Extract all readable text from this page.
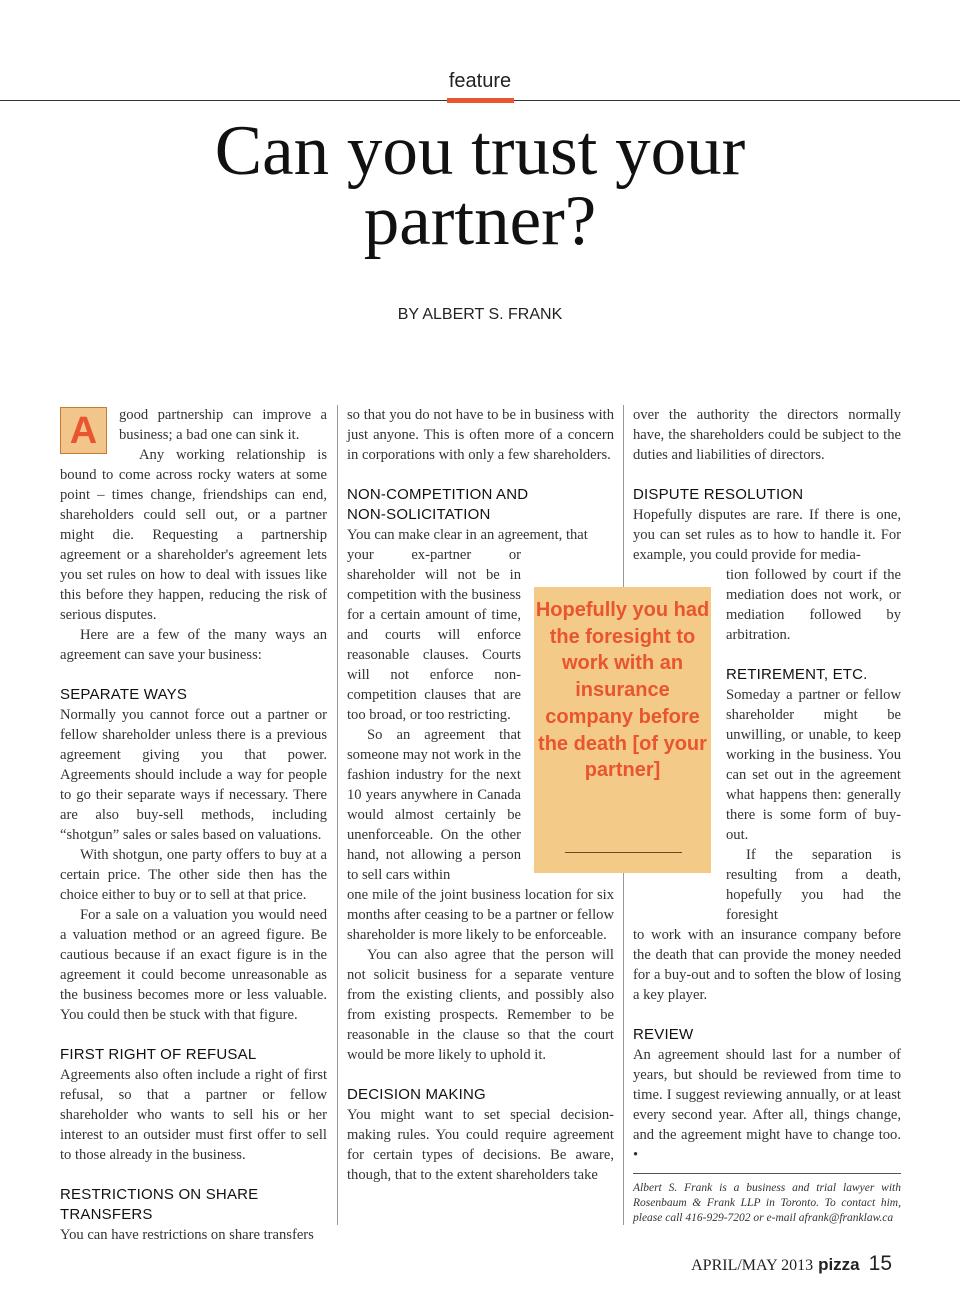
feature
Can you trust your
partner?
BY ALBERT S. FRANK

A	good partnership can improve a business; a bad one can sink it.

Any working relationship is bound to come across rocky waters at some point – times change, friendships can end, shareholders could sell out, or a partner might die. Requesting a partnership agreement or a shareholder's agreement lets you set rules on how to deal with issues like this before they happen, reducing the risk of serious disputes.

Here are a few of the many ways an agreement can save your business:

SEPARATE WAYS

Normally you cannot force out a partner or fellow shareholder unless there is a previous agreement giving you that power. Agreements should include a way for people to go their separate ways if necessary. There are also buy-sell methods, including “shotgun” sales or sales based on valuations.

With shotgun, one party offers to buy at a certain price. The other side then has the choice either to buy or to sell at that price.

For a sale on a valuation you would need a valuation method or an agreed figure. Be cautious because if an exact figure is in the agreement it could become unreasonable as the business becomes more or less valuable. You could then be stuck with that figure.

FIRST RIGHT OF REFUSAL

Agreements also often include a right of first refusal, so that a partner or fellow shareholder who wants to sell his or her interest to an outsider must first offer to sell to those already in the business.

RESTRICTIONS ON SHARE TRANSFERS

You can have restrictions on share transfers

so that you do not have to be in business with just anyone. This is often more of a concern in corporations with only a few shareholders.

NON-COMPETITION AND
NON-SOLICITATION

You can make clear in an agreement, that

your ex-partner or shareholder will not be in competition with the business for a certain amount of time, and courts will enforce reasonable clauses. Courts will not enforce non-competition clauses that are too broad, or too restricting.

So an agreement that someone may not work in the fashion industry for the next 10 years anywhere in Canada would almost certainly be unenforceable. On the other hand, not allowing a person to sell cars within

one mile of the joint business location for six months after ceasing to be a partner or fellow shareholder is more likely to be enforceable.

You can also agree that the person will not solicit business for a separate venture from the existing clients, and possibly also from existing prospects. Remember to be reasonable in the clause so that the court would be more likely to uphold it.

DECISION MAKING

You might want to set special decision-making rules. You could require agreement for certain types of decisions. Be aware, though, that to the extent shareholders take

Hopefully you had the foresight to work with an insurance company before the death [of your partner]

over the authority the directors normally have, the shareholders could be subject to the duties and liabilities of directors.

DISPUTE RESOLUTION

Hopefully disputes are rare. If there is one, you can set rules as to how to handle it. For example, you could provide for media-

tion followed by court if the mediation does not work, or mediation followed by arbitration.

RETIREMENT, ETC.

Someday a partner or fellow shareholder might be unwilling, or unable, to keep working in the business. You can set out in the agreement what happens then: generally there is some form of buy-out.

If the separation is resulting from a death, hopefully you had the foresight

to work with an insurance company before the death that can provide the money needed for a buy-out and to soften the blow of losing a key player.

REVIEW

An agreement should last for a number of years, but should be reviewed from time to time. I suggest reviewing annually, or at least every second year. After all, things change, and the agreement might have to change too. •

Albert S. Frank is a business and trial lawyer with Rosenbaum & Frank LLP in Toronto. To contact him, please call 416-929-7202 or e-mail afrank@franklaw.ca

APRIL/MAY 2013 pizza 15
